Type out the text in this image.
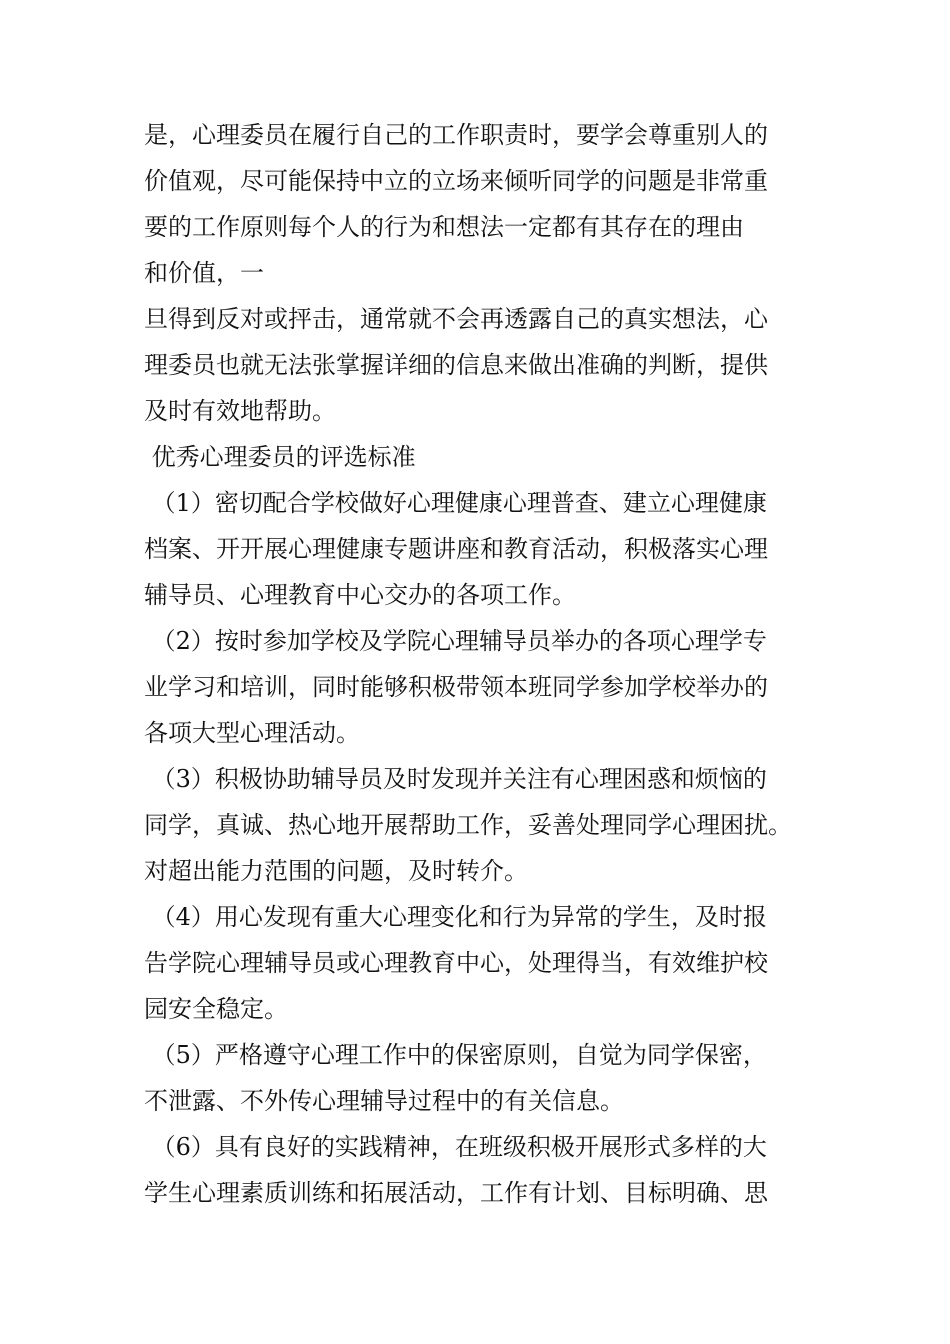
是，心理委员在履行自己的工作职责时，要学会尊重别人的
价值观，尽可能保持中立的立场来倾听同学的问题是非常重
要的工作原则每个人的行为和想法一定都有其存在的理由
和价值，一
旦得到反对或抨击，通常就不会再透露自己的真实想法，心
理委员也就无法张掌握详细的信息来做出准确的判断，提供
及时有效地帮助。
优秀心理委员的评选标准
（1）密切配合学校做好心理健康心理普查、建立心理健康
档案、开开展心理健康专题讲座和教育活动，积极落实心理
辅导员、心理教育中心交办的各项工作。
（2）按时参加学校及学院心理辅导员举办的各项心理学专
业学习和培训，同时能够积极带领本班同学参加学校举办的
各项大型心理活动。
（3）积极协助辅导员及时发现并关注有心理困惑和烦恼的
同学，真诚、热心地开展帮助工作，妥善处理同学心理困扰。
对超出能力范围的问题，及时转介。
（4）用心发现有重大心理变化和行为异常的学生，及时报
告学院心理辅导员或心理教育中心，处理得当，有效维护校
园安全稳定。
（5）严格遵守心理工作中的保密原则，自觉为同学保密，
不泄露、不外传心理辅导过程中的有关信息。
（6）具有良好的实践精神，在班级积极开展形式多样的大
学生心理素质训练和拓展活动，工作有计划、目标明确、思
